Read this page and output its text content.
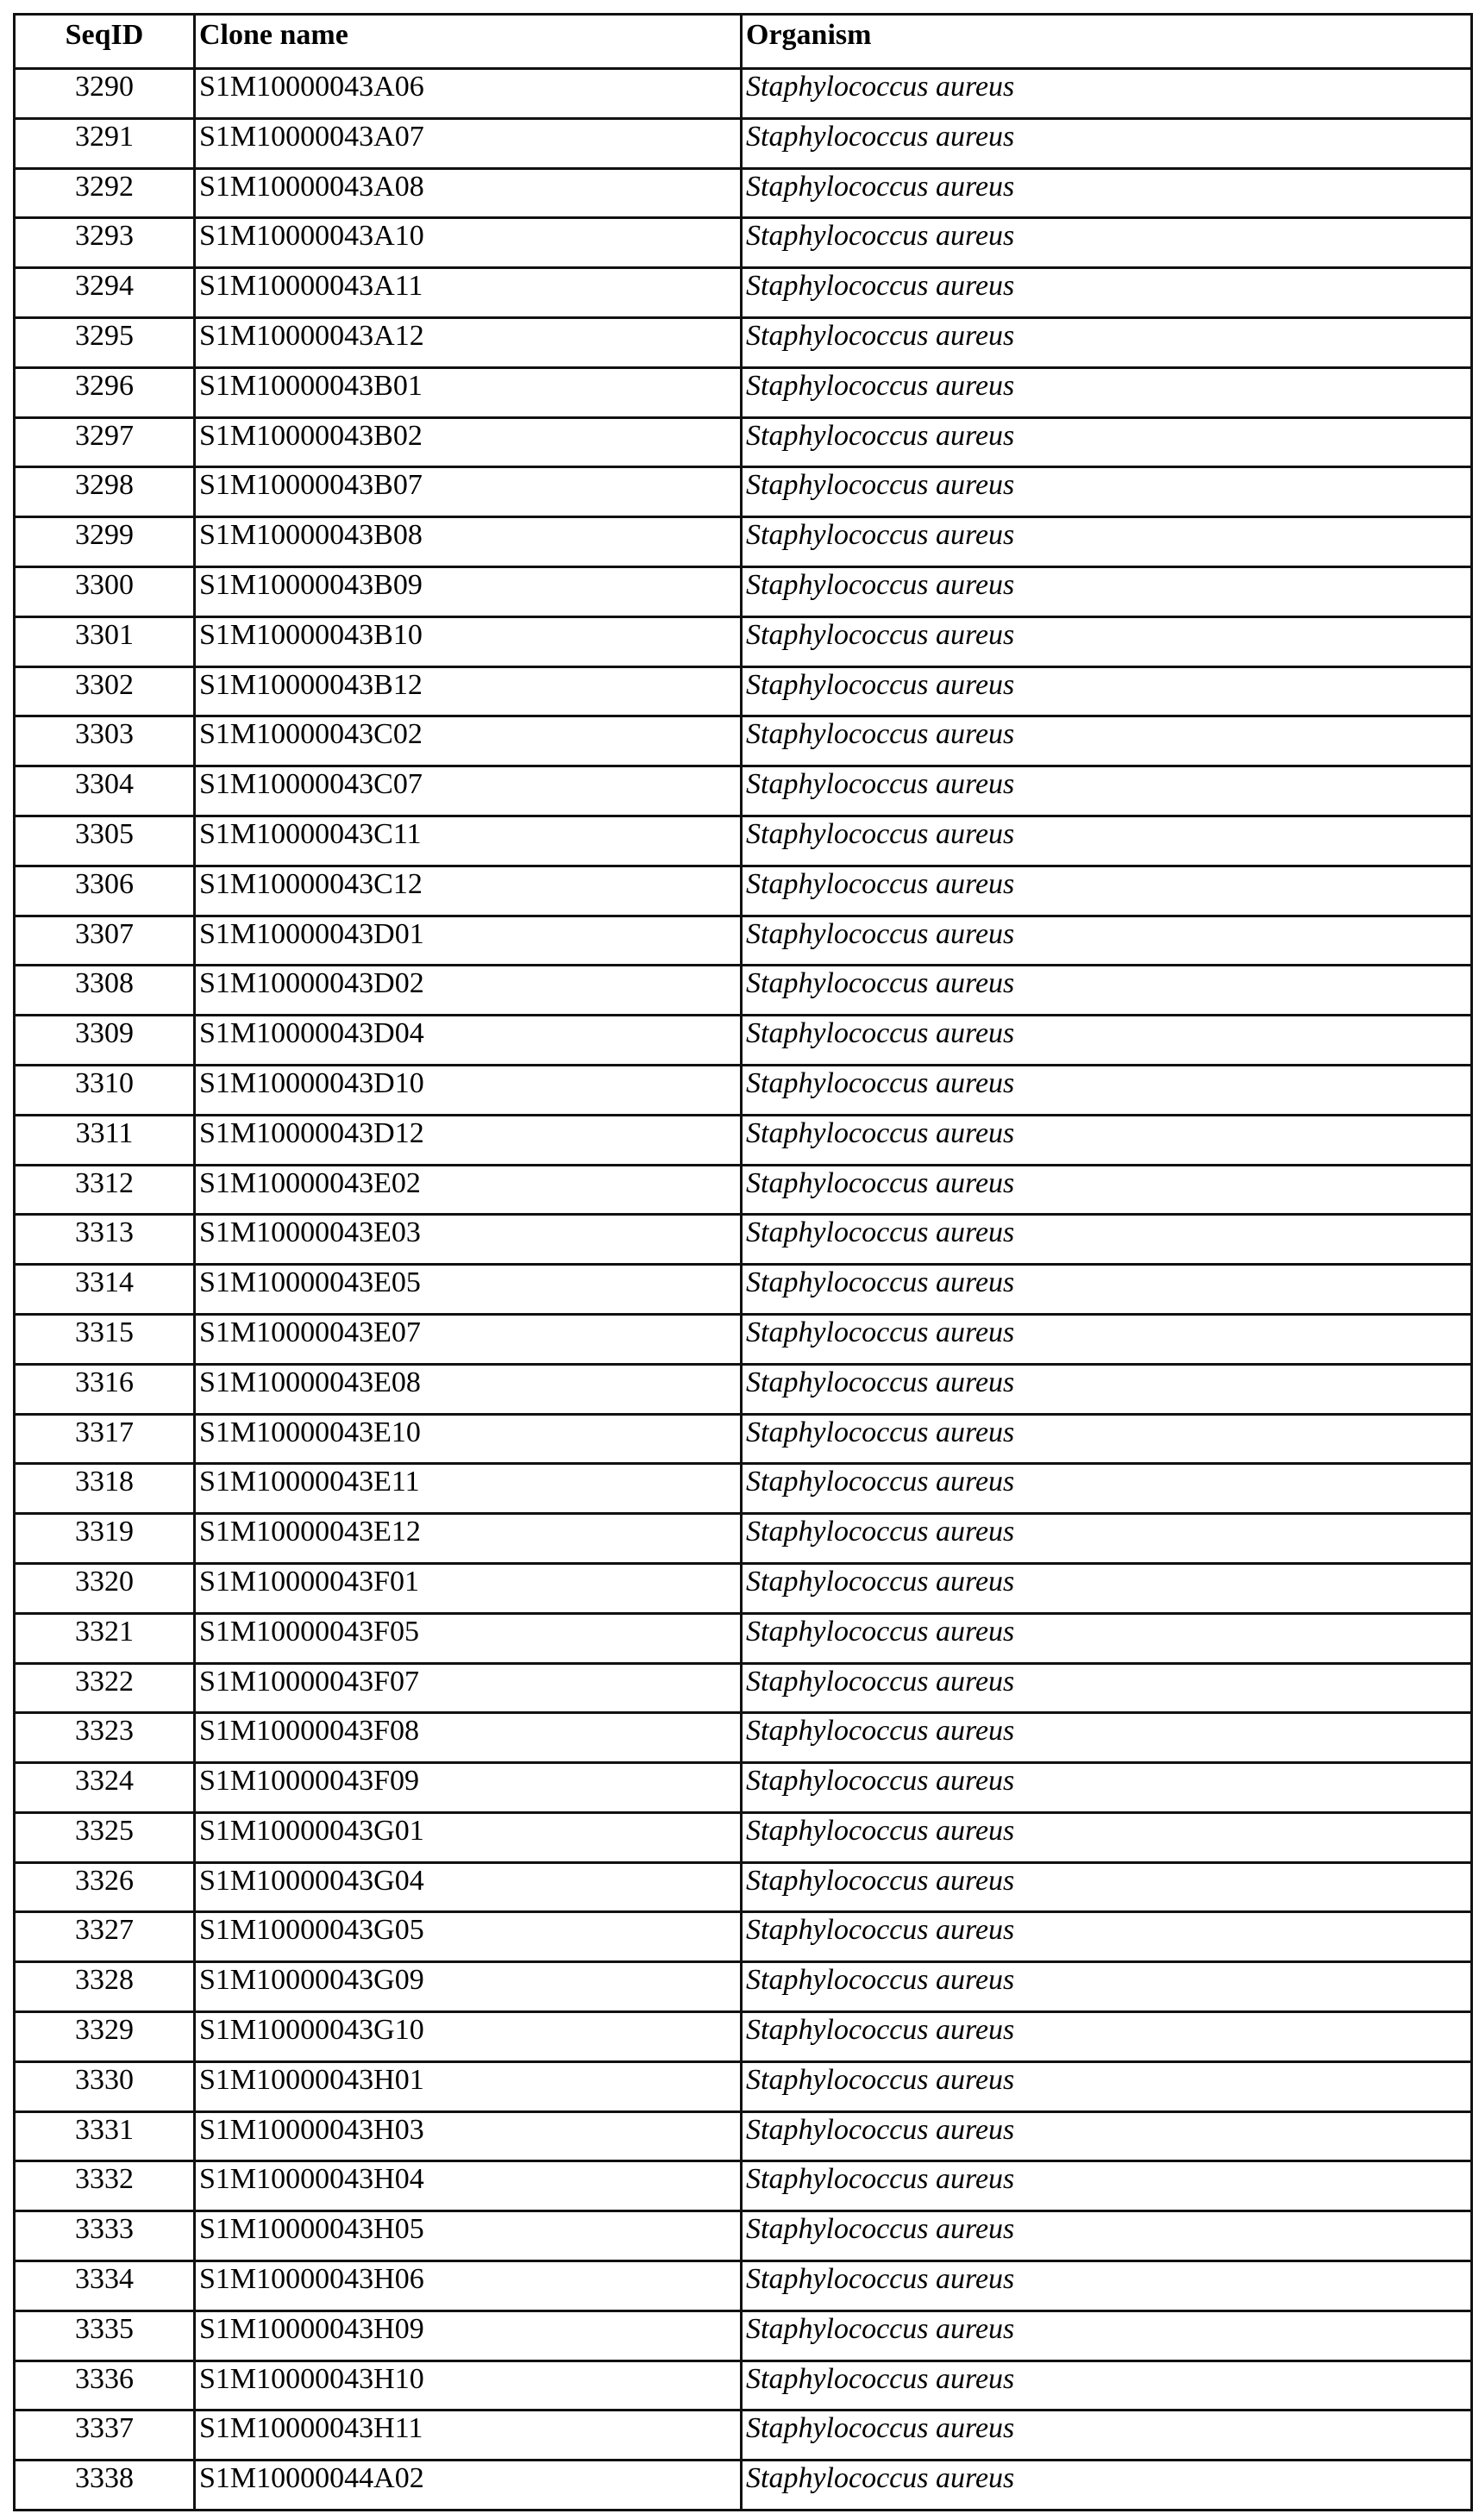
SeqID	Clone name	Organism
3290	S1M10000043A06	Staphylococcus aureus
3291	S1M10000043A07	Staphylococcus aureus
3292	S1M10000043A08	Staphylococcus aureus
3293	S1M10000043A10	Staphylococcus aureus
3294	S1M10000043A11	Staphylococcus aureus
3295	S1M10000043A12	Staphylococcus aureus
3296	S1M10000043B01	Staphylococcus aureus
3297	S1M10000043B02	Staphylococcus aureus
3298	S1M10000043B07	Staphylococcus aureus
3299	S1M10000043B08	Staphylococcus aureus
3300	S1M10000043B09	Staphylococcus aureus
3301	S1M10000043B10	Staphylococcus aureus
3302	S1M10000043B12	Staphylococcus aureus
3303	S1M10000043C02	Staphylococcus aureus
3304	S1M10000043C07	Staphylococcus aureus
3305	S1M10000043C11	Staphylococcus aureus
3306	S1M10000043C12	Staphylococcus aureus
3307	S1M10000043D01	Staphylococcus aureus
3308	S1M10000043D02	Staphylococcus aureus
3309	S1M10000043D04	Staphylococcus aureus
3310	S1M10000043D10	Staphylococcus aureus
3311	S1M10000043D12	Staphylococcus aureus
3312	S1M10000043E02	Staphylococcus aureus
3313	S1M10000043E03	Staphylococcus aureus
3314	S1M10000043E05	Staphylococcus aureus
3315	S1M10000043E07	Staphylococcus aureus
3316	S1M10000043E08	Staphylococcus aureus
3317	S1M10000043E10	Staphylococcus aureus
3318	S1M10000043E11	Staphylococcus aureus
3319	S1M10000043E12	Staphylococcus aureus
3320	S1M10000043F01	Staphylococcus aureus
3321	S1M10000043F05	Staphylococcus aureus
3322	S1M10000043F07	Staphylococcus aureus
3323	S1M10000043F08	Staphylococcus aureus
3324	S1M10000043F09	Staphylococcus aureus
3325	S1M10000043G01	Staphylococcus aureus
3326	S1M10000043G04	Staphylococcus aureus
3327	S1M10000043G05	Staphylococcus aureus
3328	S1M10000043G09	Staphylococcus aureus
3329	S1M10000043G10	Staphylococcus aureus
3330	S1M10000043H01	Staphylococcus aureus
3331	S1M10000043H03	Staphylococcus aureus
3332	S1M10000043H04	Staphylococcus aureus
3333	S1M10000043H05	Staphylococcus aureus
3334	S1M10000043H06	Staphylococcus aureus
3335	S1M10000043H09	Staphylococcus aureus
3336	S1M10000043H10	Staphylococcus aureus
3337	S1M10000043H11	Staphylococcus aureus
3338	S1M10000044A02	Staphylococcus aureus
